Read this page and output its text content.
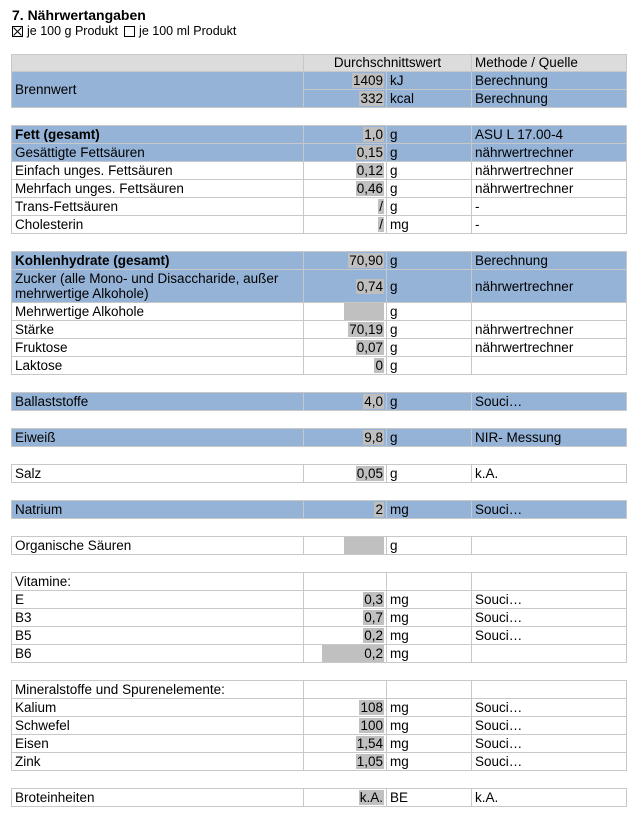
7. Nährwertangaben
je 100 g Produkt je 100 ml Produkt
	Durchschnittswert		Methode / Quelle
Brennwert	1409	kJ	Berechnung
	332	kcal	Berechnung

Fett (gesamt)	1,0	g	ASU L 17.00-4
Gesättigte Fettsäuren	0,15	g	nährwertrechner
Einfach unges. Fettsäuren	0,12	g	nährwertrechner
Mehrfach unges. Fettsäuren	0,46	g	nährwertrechner
Trans-Fettsäuren	/	g	-
Cholesterin	/	mg	-

Kohlenhydrate (gesamt)	70,90	g	Berechnung
Zucker (alle Mono- und Disaccharide, außer mehrwertige Alkohole)	0,74	g	nährwertrechner
Mehrwertige Alkohole		g	
Stärke	70,19	g	nährwertrechner
Fruktose	0,07	g	nährwertrechner
Laktose	0	g	

Ballaststoffe	4,0	g	Souci…

Eiweiß	9,8	g	NIR- Messung

Salz	0,05	g	k.A.

Natrium	2	mg	Souci…

Organische Säuren		g	

Vitamine:			
E	0,3	mg	Souci…
B3	0,7	mg	Souci…
B5	0,2	mg	Souci…
B6	0,2	mg	

Mineralstoffe und Spurenelemente:			
Kalium	108	mg	Souci…
Schwefel	100	mg	Souci…
Eisen	1,54	mg	Souci…
Zink	1,05	mg	Souci…

Broteinheiten	k.A.	BE	k.A.
